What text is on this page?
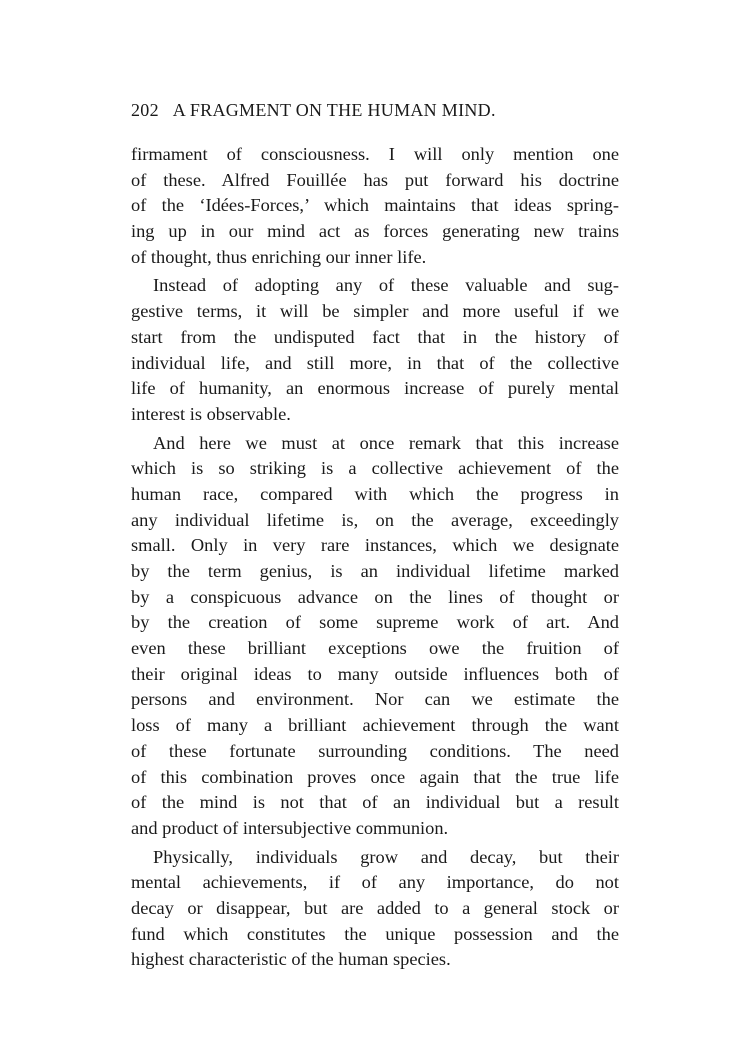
202 A FRAGMENT ON THE HUMAN MIND.
firmament of consciousness. I will only mention one
of these. Alfred Fouillée has put forward his doctrine
of the ‘Idées-Forces,’ which maintains that ideas spring-
ing up in our mind act as forces generating new trains
of thought, thus enriching our inner life.
Instead of adopting any of these valuable and sug-
gestive terms, it will be simpler and more useful if we
start from the undisputed fact that in the history of
individual life, and still more, in that of the collective
life of humanity, an enormous increase of purely mental
interest is observable.
And here we must at once remark that this increase
which is so striking is a collective achievement of the
human race, compared with which the progress in
any individual lifetime is, on the average, exceedingly
small. Only in very rare instances, which we designate
by the term genius, is an individual lifetime marked
by a conspicuous advance on the lines of thought or
by the creation of some supreme work of art. And
even these brilliant exceptions owe the fruition of
their original ideas to many outside influences both of
persons and environment. Nor can we estimate the
loss of many a brilliant achievement through the want
of these fortunate surrounding conditions. The need
of this combination proves once again that the true life
of the mind is not that of an individual but a result
and product of intersubjective communion.
Physically, individuals grow and decay, but their
mental achievements, if of any importance, do not
decay or disappear, but are added to a general stock or
fund which constitutes the unique possession and the
highest characteristic of the human species.
